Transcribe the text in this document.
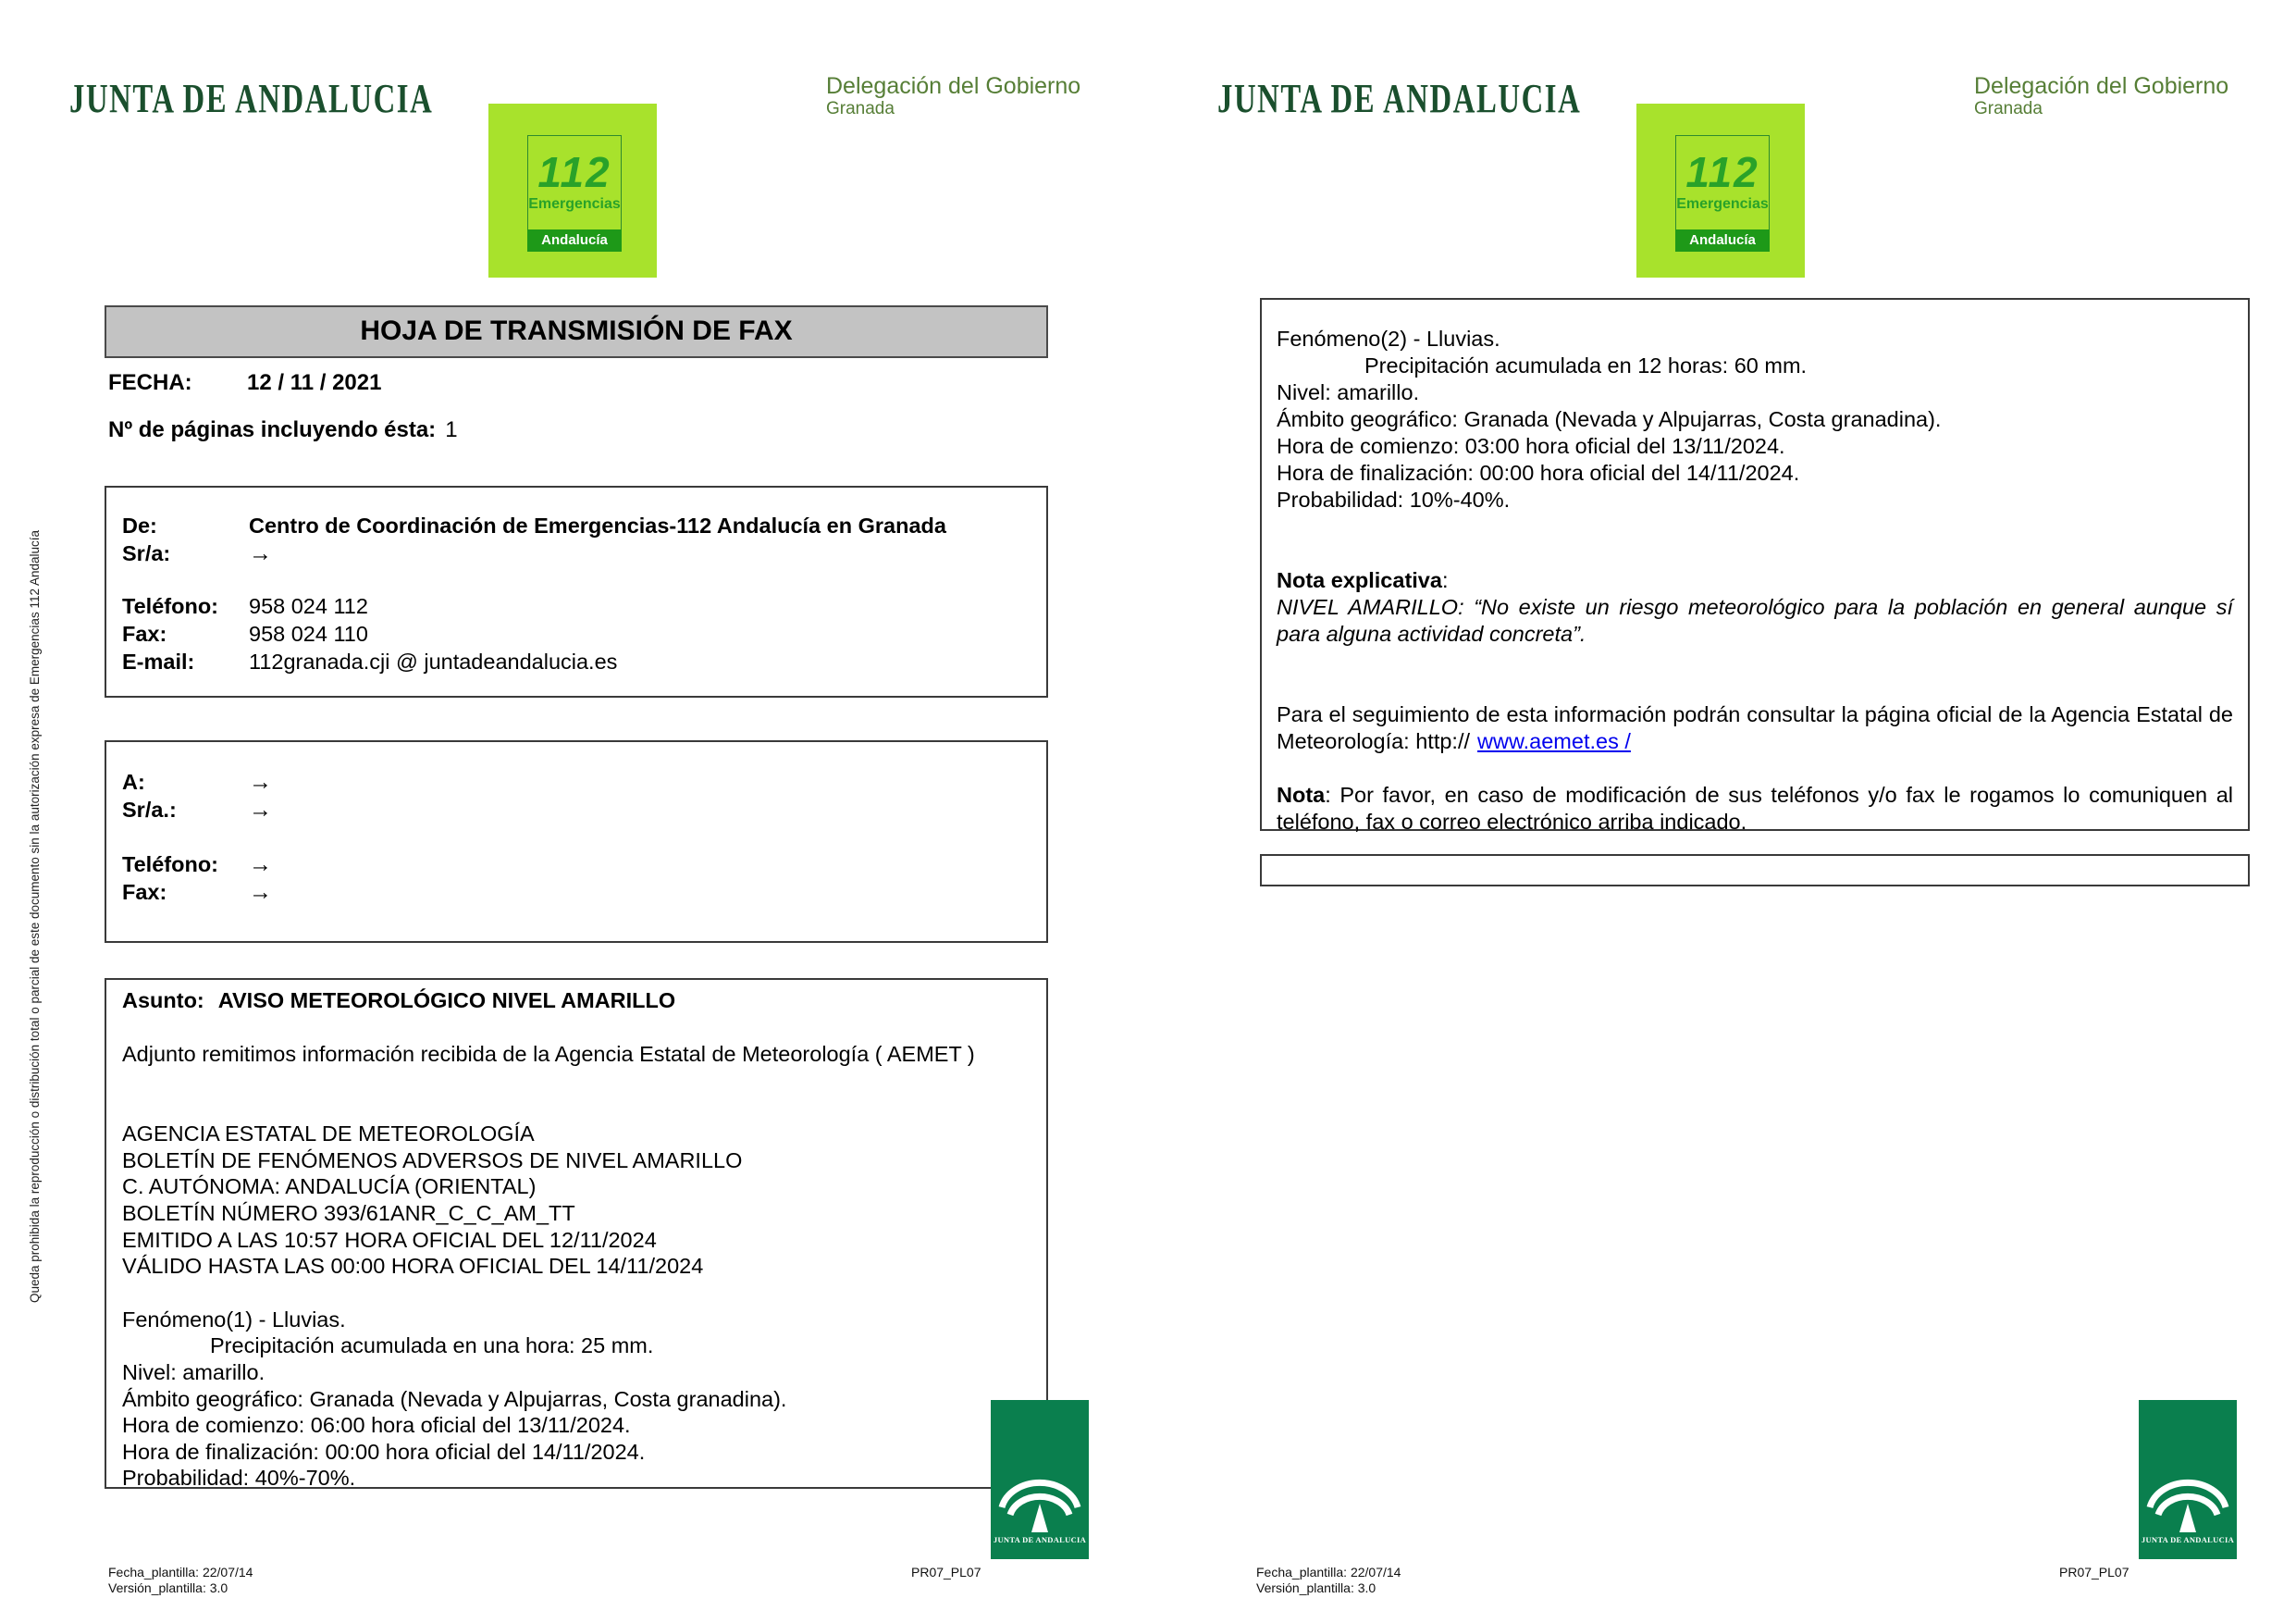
Queda prohibida la reproducción o distribución total o parcial de este documento sin la autorización expresa de Emergencias 112 Andalucía
JUNTA DE ANDALUCIA
112
Emergencias
Andalucía
Delegación del Gobierno
Granada
HOJA DE TRANSMISIÓN DE FAX
FECHA:	12 / 11 / 2021
Nº de páginas incluyendo ésta: 1
De:	Centro de Coordinación de Emergencias-112 Andalucía en Granada
Sr/a:	→
Teléfono:	958 024 112
Fax:	958 024 110
E-mail:	112granada.cji @ juntadeandalucia.es
A:	→
Sr/a.:	→
Teléfono:	→
Fax:	→
Asunto: AVISO METEOROLÓGICO NIVEL AMARILLO
Adjunto remitimos información recibida de la Agencia Estatal de Meteorología ( AEMET )
AGENCIA ESTATAL DE METEOROLOGÍA
BOLETÍN DE FENÓMENOS ADVERSOS DE NIVEL AMARILLO
C. AUTÓNOMA: ANDALUCÍA (ORIENTAL)
BOLETÍN NÚMERO 393/61ANR_C_C_AM_TT
EMITIDO A LAS 10:57 HORA OFICIAL DEL 12/11/2024
VÁLIDO HASTA LAS 00:00 HORA OFICIAL DEL 14/11/2024
Fenómeno(1) - Lluvias.
Precipitación acumulada en una hora: 25 mm.
Nivel: amarillo.
Ámbito geográfico: Granada (Nevada y Alpujarras, Costa granadina).
Hora de comienzo: 06:00 hora oficial del 13/11/2024.
Hora de finalización: 00:00 hora oficial del 14/11/2024.
Probabilidad: 40%-70%.
JUNTA DE ANDALUCIA
Fecha_plantilla: 22/07/14
Versión_plantilla: 3.0
PR07_PL07
JUNTA DE ANDALUCIA
112
Emergencias
Andalucía
Delegación del Gobierno
Granada
Fenómeno(2) - Lluvias.
Precipitación acumulada en 12 horas: 60 mm.
Nivel: amarillo.
Ámbito geográfico: Granada (Nevada y Alpujarras, Costa granadina).
Hora de comienzo: 03:00 hora oficial del 13/11/2024.
Hora de finalización: 00:00 hora oficial del 14/11/2024.
Probabilidad: 10%-40%.
Nota explicativa:
NIVEL AMARILLO: “No existe un riesgo meteorológico para la población en general aunque sí para alguna actividad concreta”.
Para el seguimiento de esta información podrán consultar la página oficial de la Agencia Estatal de Meteorología: http:// www.aemet.es /
Nota: Por favor, en caso de modificación de sus teléfonos y/o fax le rogamos lo comuniquen al teléfono, fax o correo electrónico arriba indicado.
JUNTA DE ANDALUCIA
Fecha_plantilla: 22/07/14
Versión_plantilla: 3.0
PR07_PL07
